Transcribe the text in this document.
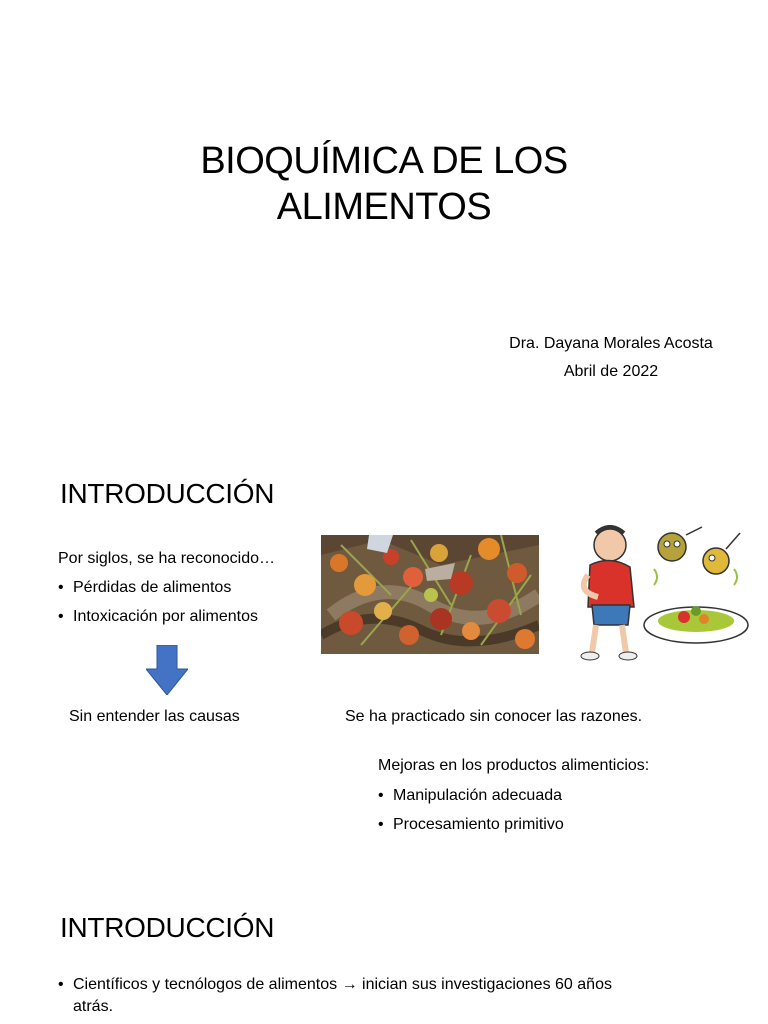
BIOQUÍMICA DE LOS
ALIMENTOS
Dra. Dayana Morales Acosta
Abril de 2022
INTRODUCCIÓN
Por siglos, se ha reconocido…
• Pérdidas de alimentos
• Intoxicación por alimentos
Sin entender las causas	Se ha practicado sin conocer las razones.
Mejoras en los productos alimenticios:
• Manipulación adecuada
• Procesamiento primitivo
INTRODUCCIÓN
• Científicos y tecnólogos de alimentos → inician sus investigaciones 60 años
atrás.
